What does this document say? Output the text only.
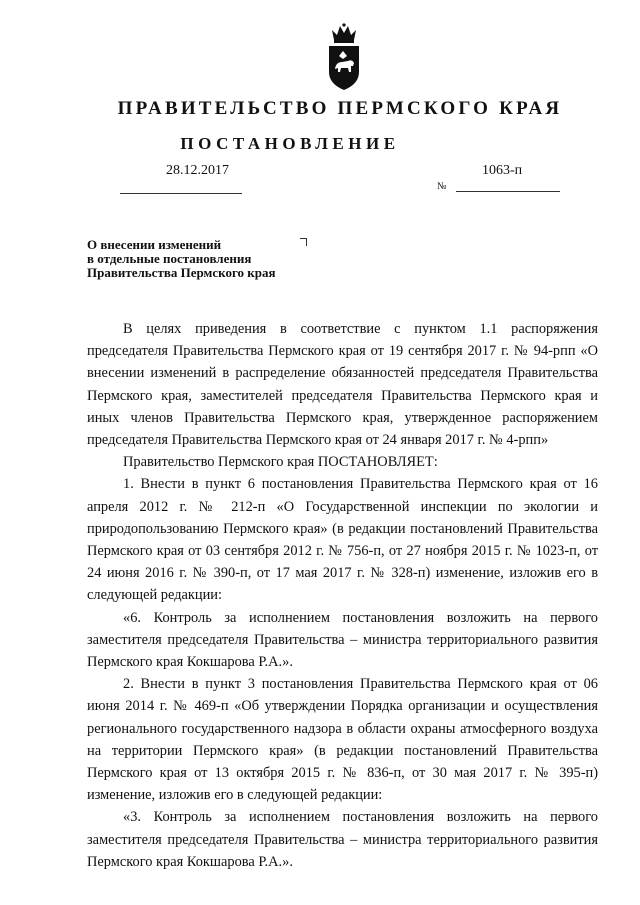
ПРАВИТЕЛЬСТВО ПЕРМСКОГО КРАЯ
ПОСТАНОВЛЕНИЕ
28.12.2017	1063-п
№
О внесении изменений
в отдельные постановления
Правительства Пермского края

В целях приведения в соответствие с пунктом 1.1 распоряжения председателя Правительства Пермского края от 19 сентября 2017 г. № 94-рпп «О внесении изменений в распределение обязанностей председателя Правительства Пермского края, заместителей председателя Правительства Пермского края и иных членов Правительства Пермского края, утвержденное распоряжением председателя Правительства Пермского края от 24 января 2017 г. № 4-рпп»

Правительство Пермского края ПОСТАНОВЛЯЕТ:

1. Внести в пункт 6 постановления Правительства Пермского края от 16 апреля 2012 г. № 212-п «О Государственной инспекции по экологии и природопользованию Пермского края» (в редакции постановлений Правительства Пермского края от 03 сентября 2012 г. № 756-п, от 27 ноября 2015 г. № 1023-п, от 24 июня 2016 г. № 390-п, от 17 мая 2017 г. № 328-п) изменение, изложив его в следующей редакции:

«6. Контроль за исполнением постановления возложить на первого заместителя председателя Правительства – министра территориального развития Пермского края Кокшарова Р.А.».

2. Внести в пункт 3 постановления Правительства Пермского края от 06 июня 2014 г. № 469-п «Об утверждении Порядка организации и осуществления регионального государственного надзора в области охраны атмосферного воздуха на территории Пермского края» (в редакции постановлений Правительства Пермского края от 13 октября 2015 г. № 836-п, от 30 мая 2017 г. № 395-п) изменение, изложив его в следующей редакции:

«3. Контроль за исполнением постановления возложить на первого заместителя председателя Правительства – министра территориального развития Пермского края Кокшарова Р.А.».
